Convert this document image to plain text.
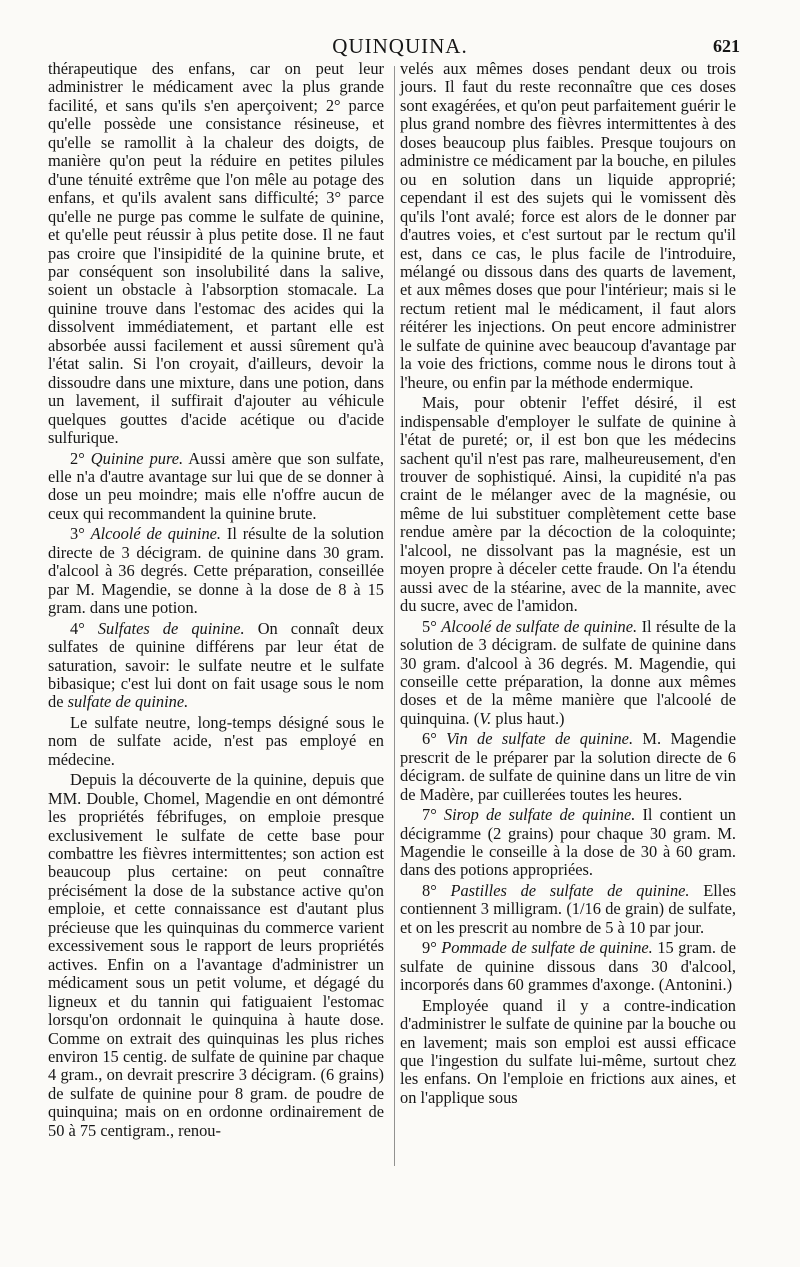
QUINQUINA.	621

thérapeutique des enfans, car on peut leur administrer le médicament avec la plus grande facilité, et sans qu'ils s'en aperçoivent; 2° parce qu'elle possède une consistance résineuse, et qu'elle se ramollit à la chaleur des doigts, de manière qu'on peut la réduire en petites pilules d'une ténuité extrême que l'on mêle au potage des enfans, et qu'ils avalent sans difficulté; 3° parce qu'elle ne purge pas comme le sulfate de quinine, et qu'elle peut réussir à plus petite dose. Il ne faut pas croire que l'insipidité de la quinine brute, et par conséquent son insolubilité dans la salive, soient un obstacle à l'absorption stomacale. La quinine trouve dans l'estomac des acides qui la dissolvent immédiatement, et partant elle est absorbée aussi facilement et aussi sûrement qu'à l'état salin. Si l'on croyait, d'ailleurs, devoir la dissoudre dans une mixture, dans une potion, dans un lavement, il suffirait d'ajouter au véhicule quelques gouttes d'acide acétique ou d'acide sulfurique.

2° Quinine pure. Aussi amère que son sulfate, elle n'a d'autre avantage sur lui que de se donner à dose un peu moindre; mais elle n'offre aucun de ceux qui recommandent la quinine brute.

3° Alcoolé de quinine. Il résulte de la solution directe de 3 décigram. de quinine dans 30 gram. d'alcool à 36 degrés. Cette préparation, conseillée par M. Magendie, se donne à la dose de 8 à 15 gram. dans une potion.

4° Sulfates de quinine. On connaît deux sulfates de quinine différens par leur état de saturation, savoir: le sulfate neutre et le sulfate bibasique; c'est lui dont on fait usage sous le nom de sulfate de quinine.

Le sulfate neutre, long-temps désigné sous le nom de sulfate acide, n'est pas employé en médecine.

Depuis la découverte de la quinine, depuis que MM. Double, Chomel, Magendie en ont démontré les propriétés fébrifuges, on emploie presque exclusivement le sulfate de cette base pour combattre les fièvres intermittentes; son action est beaucoup plus certaine: on peut connaître précisément la dose de la substance active qu'on emploie, et cette connaissance est d'autant plus précieuse que les quinquinas du commerce varient excessivement sous le rapport de leurs propriétés actives. Enfin on a l'avantage d'administrer un médicament sous un petit volume, et dégagé du ligneux et du tannin qui fatiguaient l'estomac lorsqu'on ordonnait le quinquina à haute dose. Comme on extrait des quinquinas les plus riches environ 15 centig. de sulfate de quinine par chaque 4 gram., on devrait prescrire 3 décigram. (6 grains) de sulfate de quinine pour 8 gram. de poudre de quinquina; mais on en ordonne ordinairement de 50 à 75 centigram., renou-

velés aux mêmes doses pendant deux ou trois jours. Il faut du reste reconnaître que ces doses sont exagérées, et qu'on peut parfaitement guérir le plus grand nombre des fièvres intermittentes à des doses beaucoup plus faibles. Presque toujours on administre ce médicament par la bouche, en pilules ou en solution dans un liquide approprié; cependant il est des sujets qui le vomissent dès qu'ils l'ont avalé; force est alors de le donner par d'autres voies, et c'est surtout par le rectum qu'il est, dans ce cas, le plus facile de l'introduire, mélangé ou dissous dans des quarts de lavement, et aux mêmes doses que pour l'intérieur; mais si le rectum retient mal le médicament, il faut alors réitérer les injections. On peut encore administrer le sulfate de quinine avec beaucoup d'avantage par la voie des frictions, comme nous le dirons tout à l'heure, ou enfin par la méthode endermique.

Mais, pour obtenir l'effet désiré, il est indispensable d'employer le sulfate de quinine à l'état de pureté; or, il est bon que les médecins sachent qu'il n'est pas rare, malheureusement, d'en trouver de sophistiqué. Ainsi, la cupidité n'a pas craint de le mélanger avec de la magnésie, ou même de lui substituer complètement cette base rendue amère par la décoction de la coloquinte; l'alcool, ne dissolvant pas la magnésie, est un moyen propre à déceler cette fraude. On l'a étendu aussi avec de la stéarine, avec de la mannite, avec du sucre, avec de l'amidon.

5° Alcoolé de sulfate de quinine. Il résulte de la solution de 3 décigram. de sulfate de quinine dans 30 gram. d'alcool à 36 degrés. M. Magendie, qui conseille cette préparation, la donne aux mêmes doses et de la même manière que l'alcoolé de quinquina. (V. plus haut.)

6° Vin de sulfate de quinine. M. Magendie prescrit de le préparer par la solution directe de 6 décigram. de sulfate de quinine dans un litre de vin de Madère, par cuillerées toutes les heures.

7° Sirop de sulfate de quinine. Il contient un décigramme (2 grains) pour chaque 30 gram. M. Magendie le conseille à la dose de 30 à 60 gram. dans des potions appropriées.

8° Pastilles de sulfate de quinine. Elles contiennent 3 milligram. (1/16 de grain) de sulfate, et on les prescrit au nombre de 5 à 10 par jour.

9° Pommade de sulfate de quinine. 15 gram. de sulfate de quinine dissous dans 30 d'alcool, incorporés dans 60 grammes d'axonge. (Antonini.)

Employée quand il y a contre-indication d'administrer le sulfate de quinine par la bouche ou en lavement; mais son emploi est aussi efficace que l'ingestion du sulfate lui-même, surtout chez les enfans. On l'emploie en frictions aux aines, et on l'applique sous
